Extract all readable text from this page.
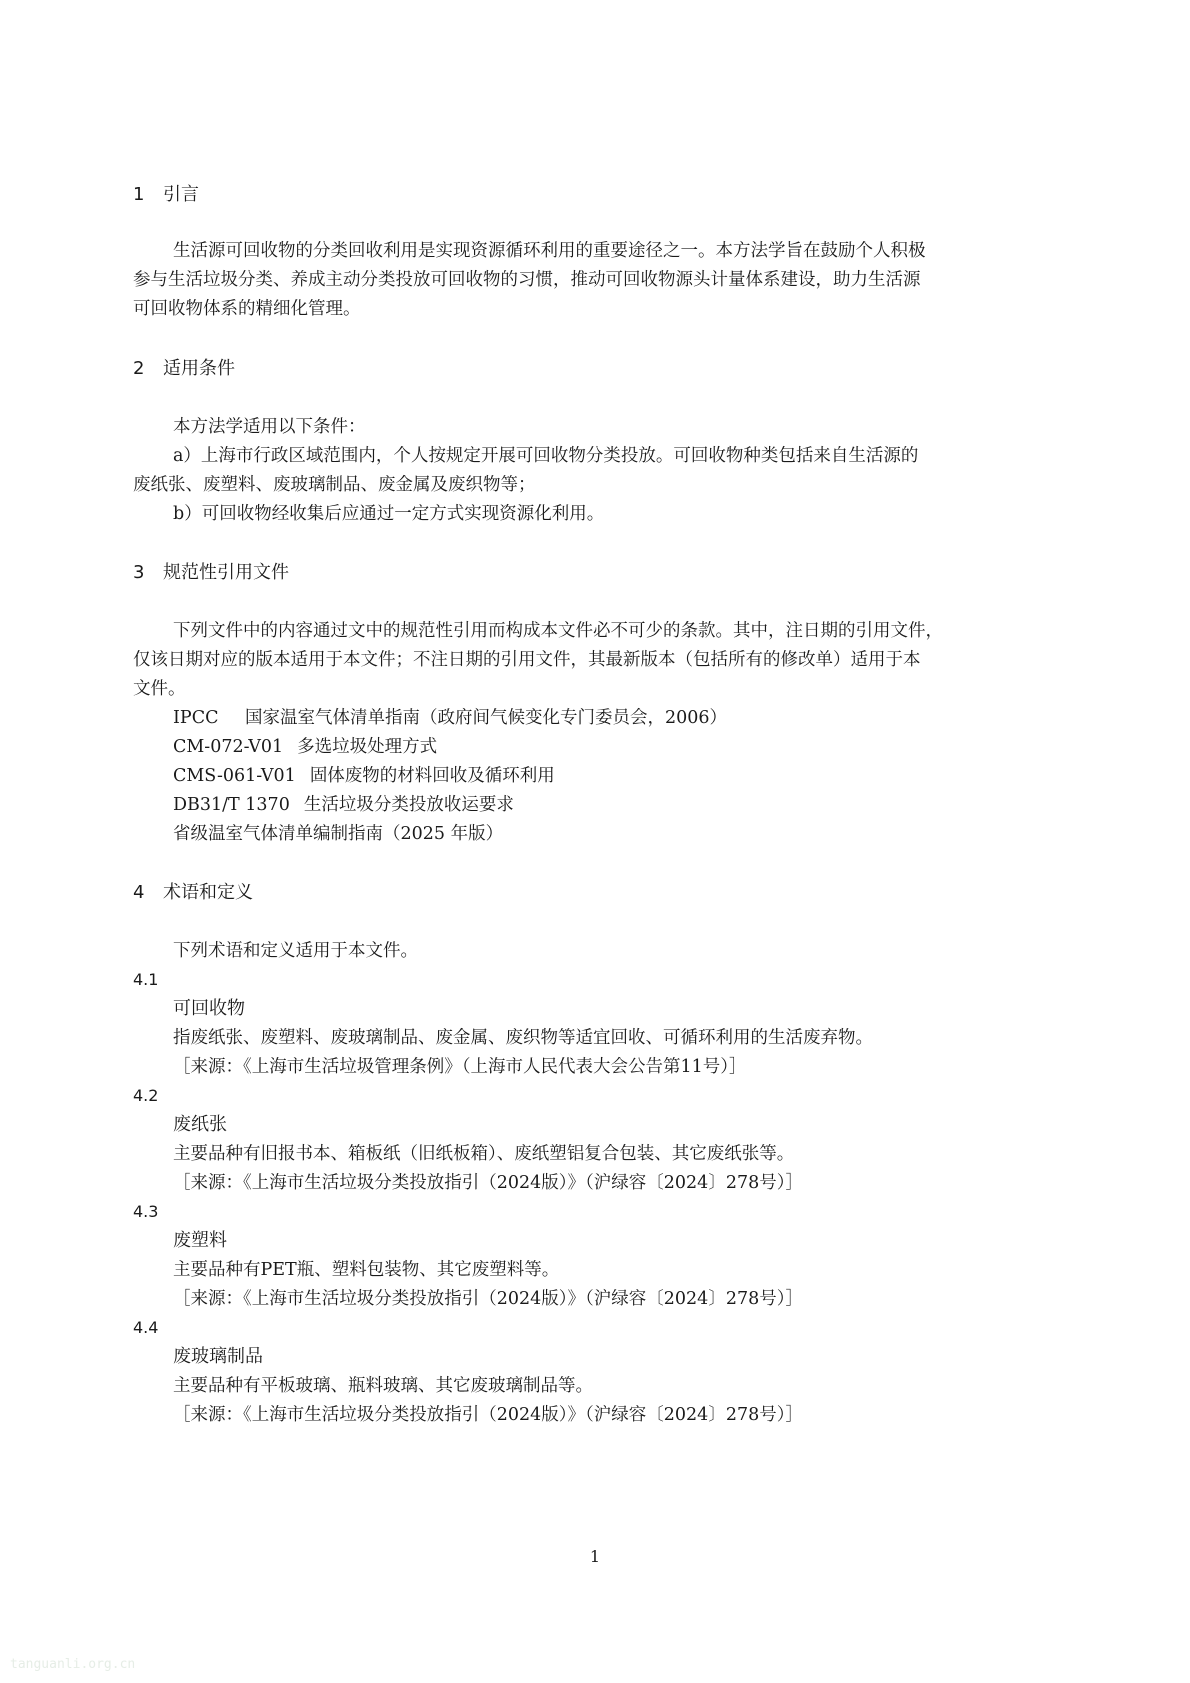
1 引言
生活源可回收物的分类回收利用是实现资源循环利用的重要途径之一。本方法学旨在鼓励个人积极
参与生活垃圾分类、养成主动分类投放可回收物的习惯，推动可回收物源头计量体系建设，助力生活源
可回收物体系的精细化管理。
2 适用条件
本方法学适用以下条件：
a）上海市行政区域范围内，个人按规定开展可回收物分类投放。可回收物种类包括来自生活源的
废纸张、废塑料、废玻璃制品、废金属及废织物等；
b）可回收物经收集后应通过一定方式实现资源化利用。
3 规范性引用文件
下列文件中的内容通过文中的规范性引用而构成本文件必不可少的条款。其中，注日期的引用文件，
仅该日期对应的版本适用于本文件；不注日期的引用文件，其最新版本（包括所有的修改单）适用于本
文件。
IPCC 国家温室气体清单指南（政府间气候变化专门委员会，2006）
CM-072-V01 多选垃圾处理方式
CMS-061-V01 固体废物的材料回收及循环利用
DB31/T 1370 生活垃圾分类投放收运要求
省级温室气体清单编制指南（2025 年版）
4 术语和定义
下列术语和定义适用于本文件。
4.1
可回收物
指废纸张、废塑料、废玻璃制品、废金属、废织物等适宜回收、可循环利用的生活废弃物。
［来源：《上海市生活垃圾管理条例》（上海市人民代表大会公告第11号）］
4.2
废纸张
主要品种有旧报书本、箱板纸（旧纸板箱）、废纸塑铝复合包装、其它废纸张等。
［来源：《上海市生活垃圾分类投放指引（2024版）》（沪绿容〔2024〕278号）］
4.3
废塑料
主要品种有PET瓶、塑料包装物、其它废塑料等。
［来源：《上海市生活垃圾分类投放指引（2024版）》（沪绿容〔2024〕278号）］
4.4
废玻璃制品
主要品种有平板玻璃、瓶料玻璃、其它废玻璃制品等。
［来源：《上海市生活垃圾分类投放指引（2024版）》（沪绿容〔2024〕278号）］
1
tanguanli.org.cn
